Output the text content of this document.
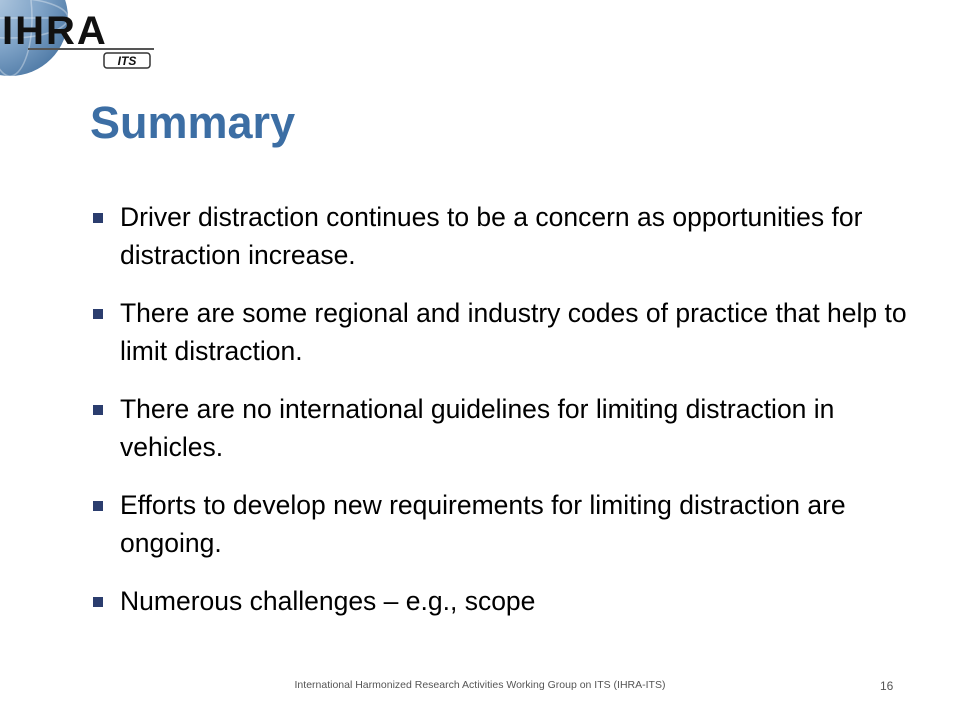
IHRA
ITS
Summary
Driver distraction continues to be a concern as opportunities for distraction increase.
There are some regional and industry codes of practice that help to limit distraction.
There are no international guidelines for limiting distraction in vehicles.
Efforts to develop new requirements for limiting distraction are ongoing.
Numerous challenges – e.g., scope
International Harmonized Research Activities Working Group on ITS (IHRA-ITS)	16
